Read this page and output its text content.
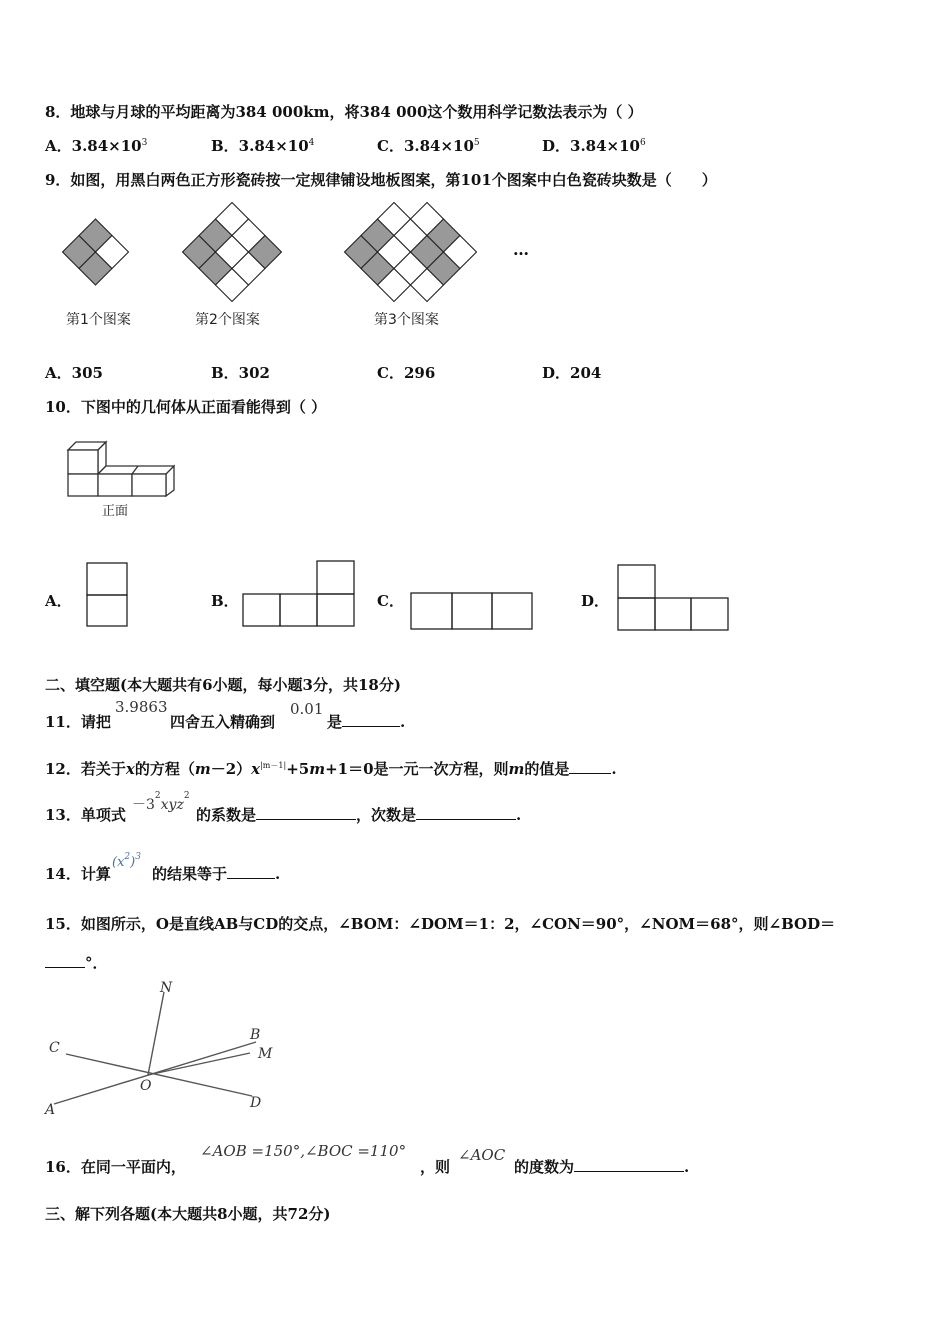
8．地球与月球的平均距离为384 000km，将384 000这个数用科学记数法表示为（ ）
A．$3.84\times 10^3$	B．$3.84\times 10^4$	C．$3.84\times 10^5$	D．$3.84\times 10^6$
9．如图，用黑白两色正方形瓷砖按一定规律铺设地板图案，第101个图案中白色瓷砖块数是（　　）
第1个图案	第2个图案	第3个图案
…
A．305	B．302	C．296	D．204
10．下图中的几何体从正面看能得到（ ）
正面
A．	B．	C．	D．
二、填空题(本大题共有6小题，每小题3分，共18分)
11．请把
3.9863
四舍五入精确到
0.01
是	.
12．若关于x的方程$(m-2)x^{|m-1|}+5m+1=0$是一元一次方程，则m的值是	.
13．单项式
$-3^2xyz^2$
的系数是	，次数是	.
14．计算
$(x^2)^3$
的结果等于	.
15．如图所示，O是直线AB与CD的交点，∠BOM：∠DOM＝1：2，∠CON＝90°，∠NOM＝68°，则∠BOD＝
°．
N
B
M
C
O
A	D
16．在同一平面内，
∠AOB =150°,∠BOC =110°
，则
∠AOC
的度数为	.
三、解下列各题(本大题共8小题，共72分)
